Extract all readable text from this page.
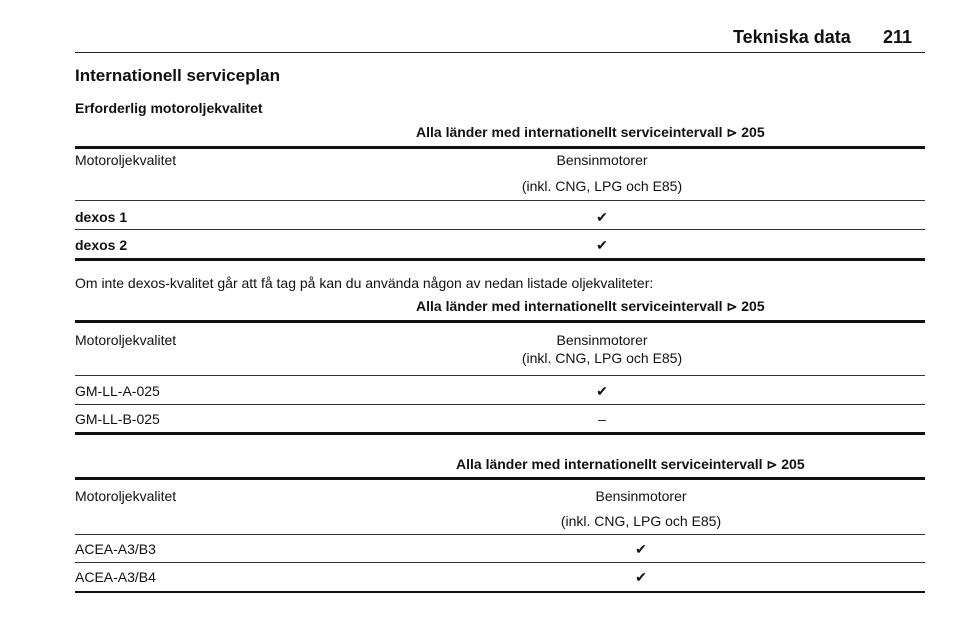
Tekniska data 211
Internationell serviceplan
Erforderlig motoroljekvalitet
Alla länder med internationellt serviceintervall ⊳ 205
Motoroljekvalitet	Bensinmotorer
(inkl. CNG, LPG och E85)
dexos 1	✔
dexos 2	✔
Om inte dexos-kvalitet går att få tag på kan du använda någon av nedan listade oljekvaliteter:
Alla länder med internationellt serviceintervall ⊳ 205
Motoroljekvalitet	Bensinmotorer
(inkl. CNG, LPG och E85)
GM-LL-A-025	✔
GM-LL-B-025	–
Alla länder med internationellt serviceintervall ⊳ 205
Motoroljekvalitet	Bensinmotorer
(inkl. CNG, LPG och E85)
ACEA-A3/B3	✔
ACEA-A3/B4	✔
